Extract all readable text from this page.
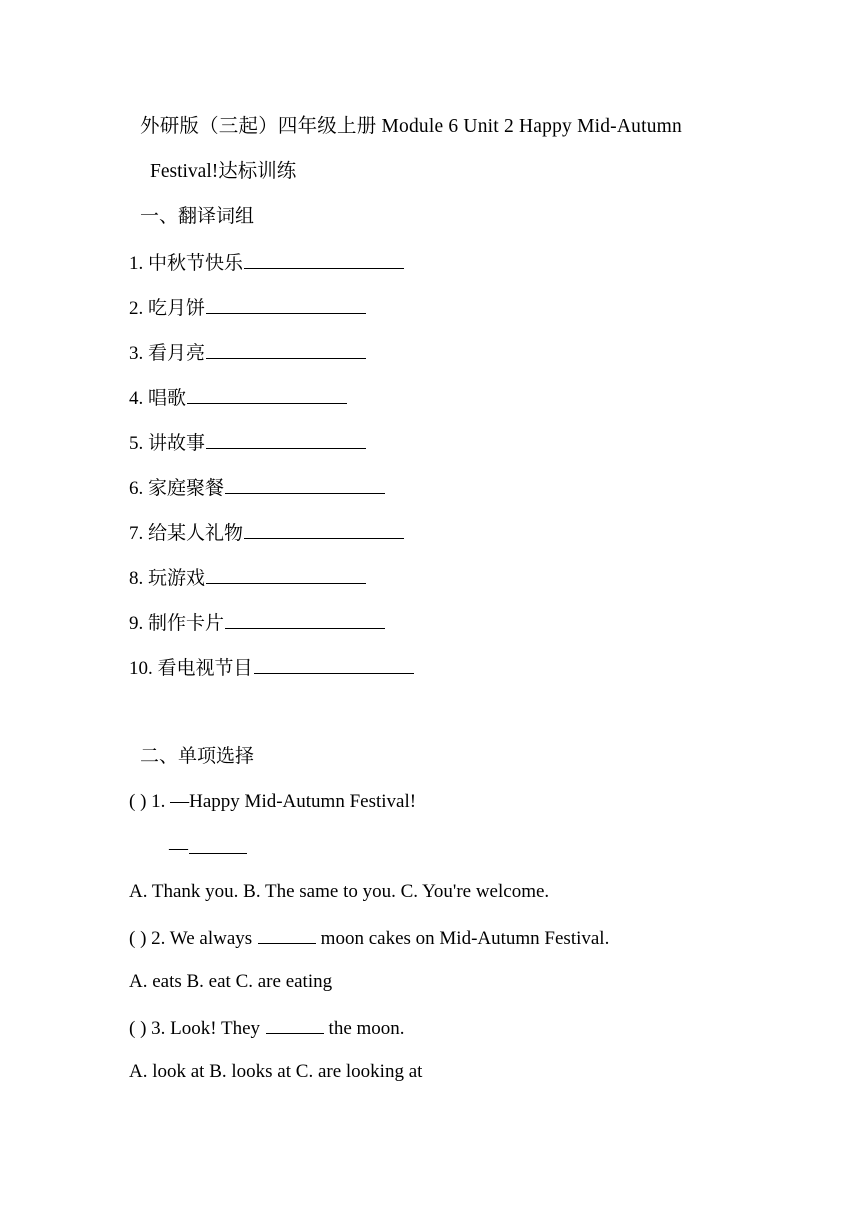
外研版（三起）四年级上册 Module 6 Unit 2 Happy Mid-Autumn
Festival!达标训练
一、翻译词组
1. 中秋节快乐
2. 吃月饼
3. 看月亮
4. 唱歌
5. 讲故事
6. 家庭聚餐
7. 给某人礼物
8. 玩游戏
9. 制作卡片
10. 看电视节目
二、单项选择
( ) 1. —Happy Mid-Autumn Festival!
—
A. Thank you. B. The same to you. C. You're welcome.
( ) 2. We always	moon cakes on Mid-Autumn Festival.
A. eats B. eat C. are eating
( ) 3. Look! They	the moon.
A. look at B. looks at C. are looking at
